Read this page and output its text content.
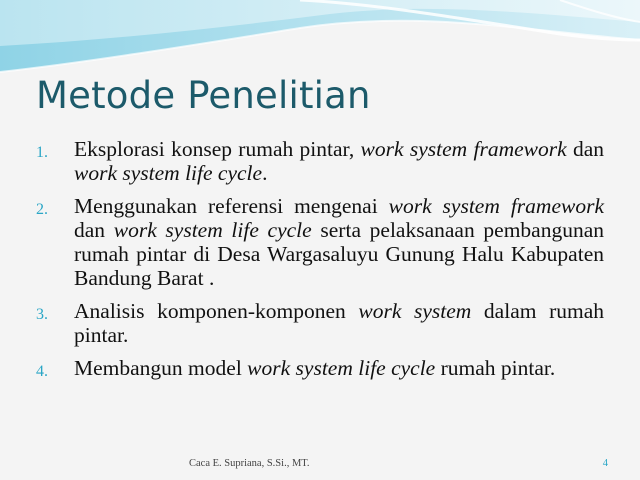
Metode Penelitian
1.	Eksplorasi konsep rumah pintar, work system framework dan work system life cycle.
2.	Menggunakan referensi mengenai work system framework dan work system life cycle serta pelaksanaan pembangunan rumah pintar di Desa Wargasaluyu Gunung Halu Kabupaten Bandung Barat .
3.	Analisis komponen-komponen work system dalam rumah pintar.
4.	Membangun model work system life cycle rumah pintar.
Caca E. Supriana, S.Si., MT.	4
